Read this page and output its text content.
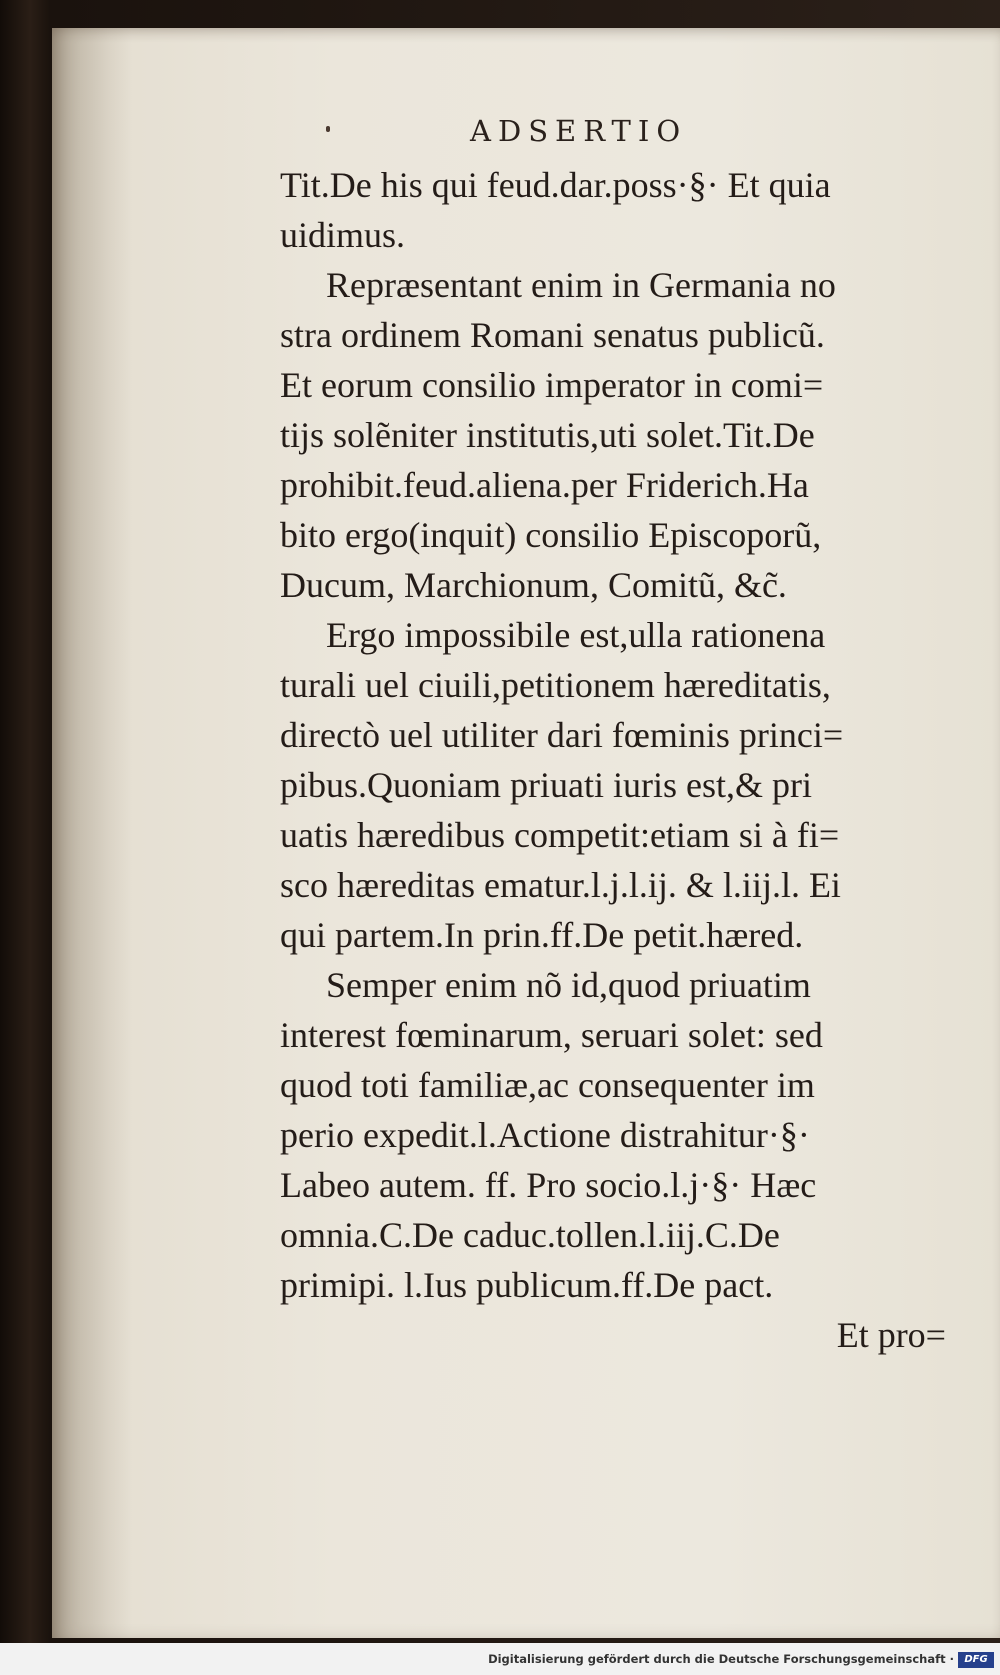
ADSERTIO
Tit.De his qui feud.dar.poss·§· Et quia
uidimus.
Repræsentant enim in Germania no
stra ordinem Romani senatus publicũ.
Et eorum consilio imperator in comi=
tijs solẽniter institutis,uti solet.Tit.De
prohibit.feud.aliena.per Friderich.Ha
bito ergo(inquit) consilio Episcoporũ,
Ducum, Marchionum, Comitũ, &c̃.
Ergo impossibile est,ulla rationena
turali uel ciuili,petitionem hæreditatis,
directò uel utiliter dari fœminis princi=
pibus.Quoniam priuati iuris est,& pri
uatis hæredibus competit:etiam si à fi=
sco hæreditas ematur.l.j.l.ij. & l.iij.l. Ei
qui partem.In prin.ff.De petit.hæred.
Semper enim nõ id,quod priuatim
interest fœminarum, seruari solet: sed
quod toti familiæ,ac consequenter im
perio expedit.l.Actione distrahitur·§·
Labeo autem. ff. Pro socio.l.j·§· Hæc
omnia.C.De caduc.tollen.l.iij.C.De
primipi. l.Ius publicum.ff.De pact.
Et pro=
Digitalisierung gefördert durch die Deutsche Forschungsgemeinschaft ·	DFG
